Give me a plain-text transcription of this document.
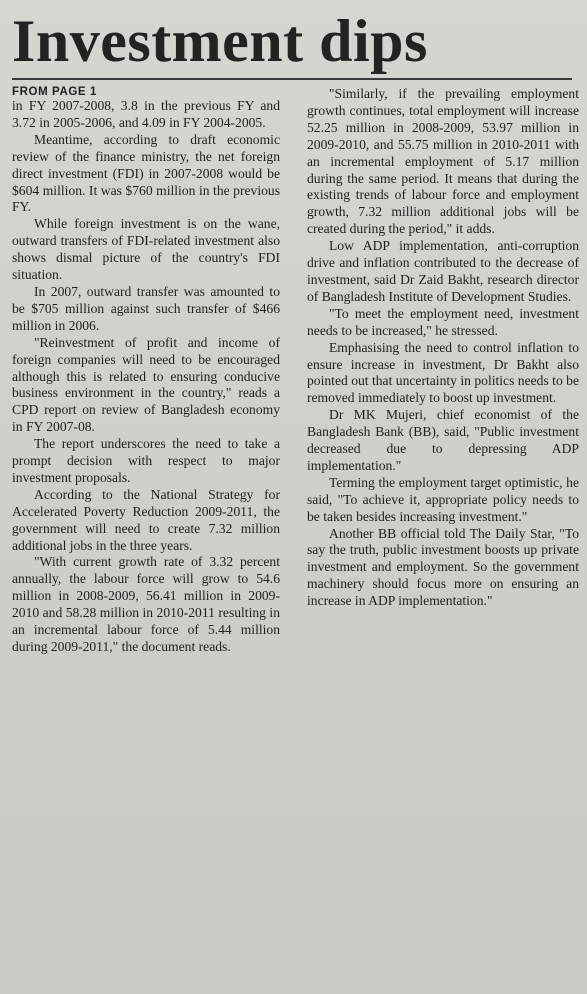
Investment dips

FROM PAGE 1

in FY 2007-2008, 3.8 in the previous FY and 3.72 in 2005-2006, and 4.09 in FY 2004-2005.

Meantime, according to draft economic review of the finance ministry, the net foreign direct investment (FDI) in 2007-2008 would be $604 million. It was $760 million in the previous FY.

While foreign investment is on the wane, outward transfers of FDI-related investment also shows dismal picture of the country's FDI situation.

In 2007, outward transfer was amounted to be $705 million against such transfer of $466 million in 2006.

"Reinvestment of profit and income of foreign companies will need to be encouraged although this is related to ensuring conducive business environment in the country," reads a CPD report on review of Bangladesh economy in FY 2007-08.

The report underscores the need to take a prompt decision with respect to major investment proposals.

According to the National Strategy for Accelerated Poverty Reduction 2009-2011, the government will need to create 7.32 million additional jobs in the three years.

"With current growth rate of 3.32 percent annually, the labour force will grow to 54.6 million in 2008-2009, 56.41 million in 2009-2010 and 58.28 million in 2010-2011 resulting in an incremental labour force of 5.44 million during 2009-2011," the document reads.

"Similarly, if the prevailing employment growth continues, total employment will increase 52.25 million in 2008-2009, 53.97 million in 2009-2010, and 55.75 million in 2010-2011 with an incremental employment of 5.17 million during the same period. It means that during the existing trends of labour force and employment growth, 7.32 million additional jobs will be created during the period," it adds.

Low ADP implementation, anti-corruption drive and inflation contributed to the decrease of investment, said Dr Zaid Bakht, research director of Bangladesh Institute of Development Studies.

"To meet the employment need, investment needs to be increased," he stressed.

Emphasising the need to control inflation to ensure increase in investment, Dr Bakht also pointed out that uncertainty in politics needs to be removed immediately to boost up investment.

Dr MK Mujeri, chief economist of the Bangladesh Bank (BB), said, "Public investment decreased due to depressing ADP implementation."

Terming the employment target optimistic, he said, "To achieve it, appropriate policy needs to be taken besides increasing investment."

Another BB official told The Daily Star, "To say the truth, public investment boosts up private investment and employment. So the government machinery should focus more on ensuring an increase in ADP implementation."
